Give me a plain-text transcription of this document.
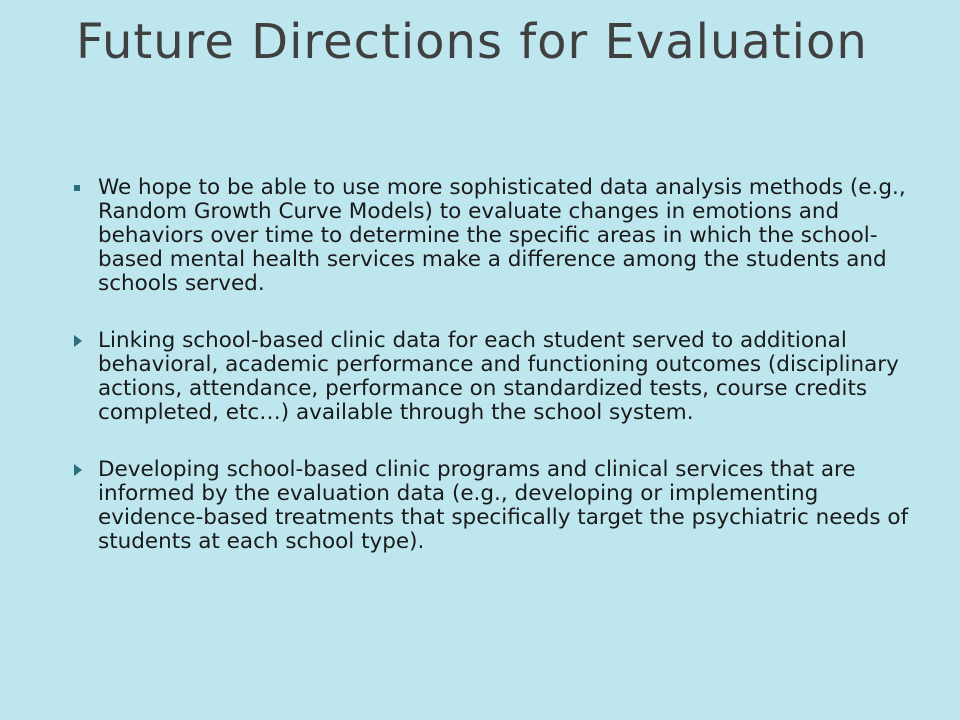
Future Directions for Evaluation
We hope to be able to use more sophisticated data analysis methods (e.g., Random Growth Curve Models) to evaluate changes in emotions and behaviors over time to determine the specific areas in which the school-based mental health services make a difference among the students and schools served.
Linking school-based clinic data for each student served to additional behavioral, academic performance and functioning outcomes (disciplinary actions, attendance, performance on standardized tests, course credits completed, etc…) available through the school system.
Developing school-based clinic programs and clinical services that are informed by the evaluation data (e.g., developing or implementing evidence-based treatments that specifically target the psychiatric needs of students at each school type).
